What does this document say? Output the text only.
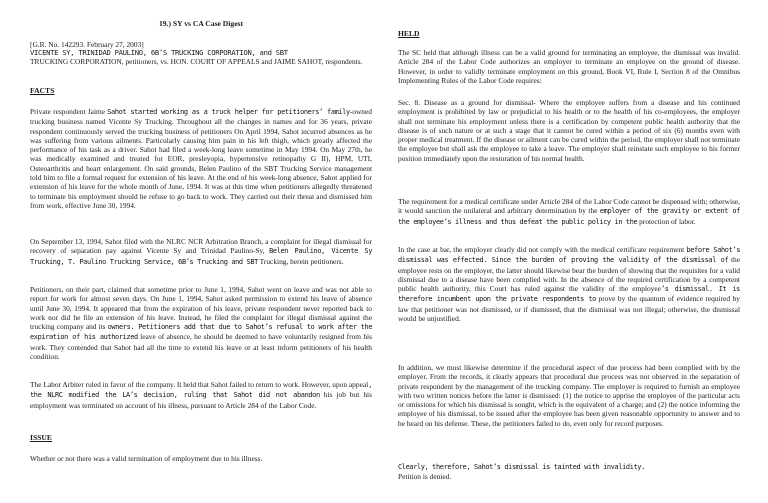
19.) SY vs CA Case Digest

[G.R. No. 142293. February 27, 2003]

VICENTE SY, TRINIDAD PAULINO, 6B’S TRUCKING CORPORATION, and SBT
TRUCKING CORPORATION, petitioners, vs. HON. COURT OF APPEALS and JAIME SAHOT, respondents.

FACTS

Private respondent Jaime Sahot started working as a truck helper for petitioners’ family-owned trucking business named Vicente Sy Trucking. Throughout all the changes in names and for 36 years, private respondent continuously served the trucking business of petitioners On April 1994, Sahot incurred absences as he was suffering from various ailments. Particularly causing him pain in his left thigh, which greatly affected the performance of his task as a driver. Sahot had filed a week-long leave sometime in May 1994. On May 27th, he was medically examined and treated for EOR, presleyopia, hypertensive retinopathy G II), HPM, UTI, Osteoarthritis and heart enlargement. On said grounds, Belen Paulino of the SBT Trucking Service management told him to file a formal request for extension of his leave. At the end of his week-long absence, Sahot applied for extension of his leave for the whole month of June, 1994. It was at this time when petitioners allegedly threatened to terminate his employment should he refuse to go back to work. They carried out their threat and dismissed him from work, effective June 30, 1994.

On September 13, 1994, Sahot filed with the NLRC NCR Arbitration Branch, a complaint for illegal dismissal for recovery of separation pay against Vicente Sy and Trinidad Paulino-Sy, Belen Paulino, Vicente Sy Trucking, T. Paulino Trucking Service, 6B’s Trucking and SBT Trucking, herein petitioners.

Petitioners, on their part, claimed that sometime prior to June 1, 1994, Sahot went on leave and was not able to report for work for almost seven days. On June 1, 1994, Sahot asked permission to extend his leave of absence until June 30, 1994. It appeared that from the expiration of his leave, private respondent never reported back to work nor did he file an extension of his leave. Instead, he filed the complaint for illegal dismissal against the trucking company and its owners. Petitioners add that due to Sahot’s refusal to work after the expiration of his authorized leave of absence, he should be deemed to have voluntarily resigned from his work. They contended that Sahot had all the time to extend his leave or at least inform petitioners of his health condition.

The Labor Arbiter ruled in favor of the company. It held that Sahot failed to return to work. However, upon appeal, the NLRC modified the LA’s decision, ruling that Sahot did not abandon his job but his employment was terminated on account of his illness, pursuant to Article 284 of the Labor Code.

ISSUE

Whether or not there was a valid termination of employment due to his illness.

HELD

The SC held that although illness can be a valid ground for terminating an employee, the dismissal was invalid. Article 284 of the Labor Code authorizes an employer to terminate an employee on the ground of disease. However, in order to validly terminate employment on this ground, Book VI, Rule I, Section 8 of the Omnibus Implementing Rules of the Labor Code requires:

Sec. 8. Disease as a ground for dismissal- Where the employee suffers from a disease and his continued employment is prohibited by law or prejudicial to his health or to the health of his co-employees, the employer shall not terminate his employment unless there is a certification by competent public health authority that the disease is of such nature or at such a stage that it cannot be cured within a period of six (6) months even with proper medical treatment. If the disease or ailment can be cured within the period, the employer shall not terminate the employee but shall ask the employee to take a leave. The employer shall reinstate such employee to his former position immediately upon the restoration of his normal health.

The requirement for a medical certificate under Article 284 of the Labor Code cannot be dispensed with; otherwise, it would sanction the unilateral and arbitrary determination by the employer of the gravity or extent of the employee’s illness and thus defeat the public policy in the protection of labor.

In the case at bar, the employer clearly did not comply with the medical certificate requirement before Sahot’s dismissal was effected. Since the burden of proving the validity of the dismissal of the employee rests on the employer, the latter should likewise bear the burden of showing that the requisites for a valid dismissal due to a disease have been complied with. In the absence of the required certification by a competent public health authority, this Court has ruled against the validity of the employee’s dismissal. It is therefore incumbent upon the private respondents to prove by the quantum of evidence required by law that petitioner was not dismissed, or if dismissed, that the dismissal was not illegal; otherwise, the dismissal would be unjustified.

In addition, we must likewise determine if the procedural aspect of due process had been complied with by the employer. From the records, it clearly appears that procedural due process was not observed in the separation of private respondent by the management of the trucking company. The employer is required to furnish an employee with two written notices before the latter is dismissed: (1) the notice to apprise the employee of the particular acts or omissions for which his dismissal is sought, which is the equivalent of a charge; and (2) the notice informing the employee of his dismissal, to be issued after the employee has been given reasonable opportunity to answer and to be heard on his defense. These, the petitioners failed to do, even only for record purposes.

Clearly, therefore, Sahot’s dismissal is tainted with invalidity.

Petition is denied.
